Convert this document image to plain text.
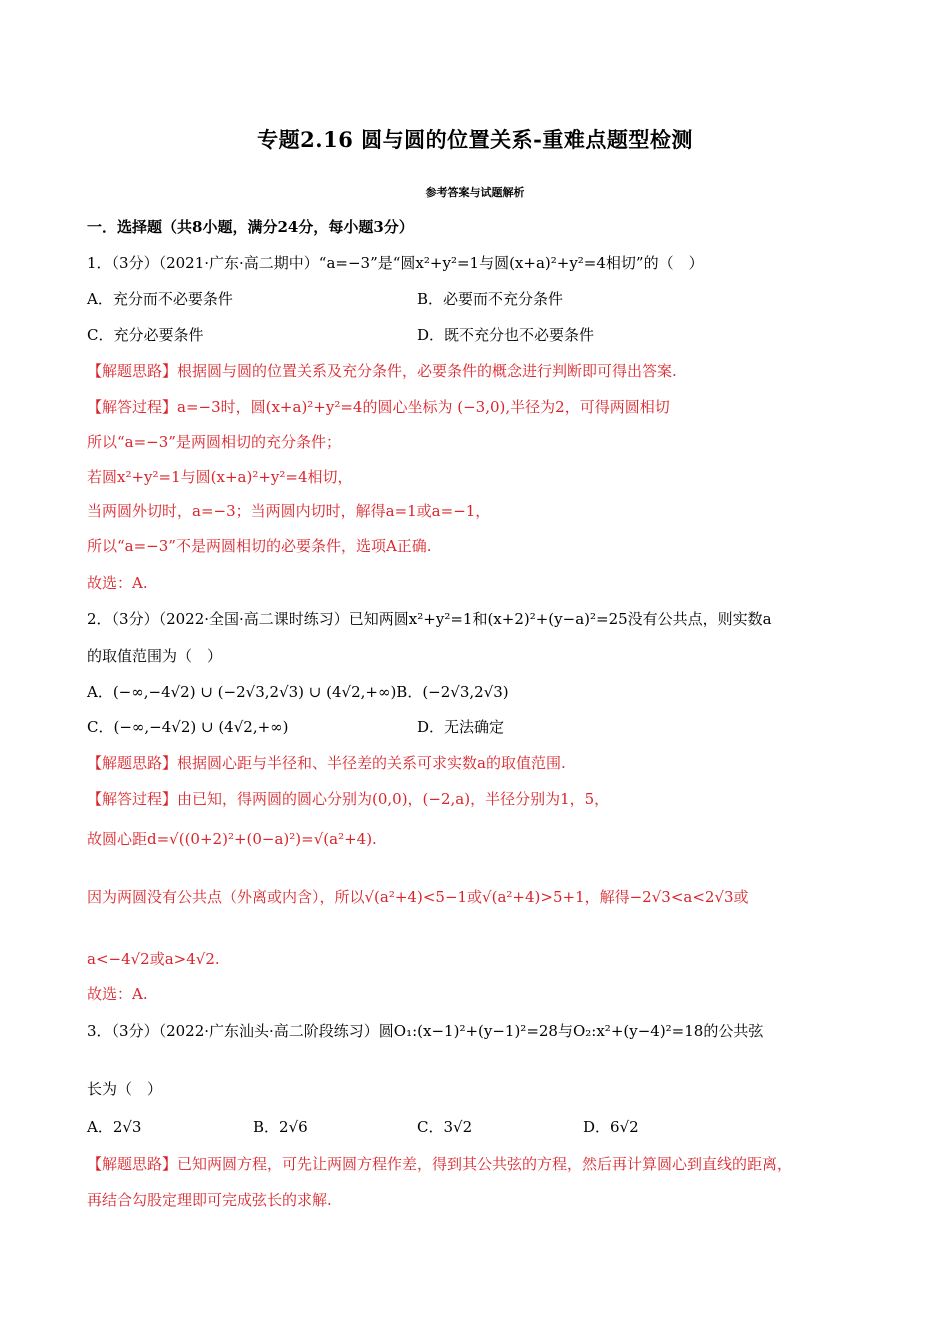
专题2.16 圆与圆的位置关系-重难点题型检测
参考答案与试题解析
一．选择题（共8小题，满分24分，每小题3分）
1．（3分）（2021·广东·高二期中）“a=−3”是“圆x²+y²=1与圆(x+a)²+y²=4相切”的（　）
A．充分而不必要条件	B．必要而不充分条件
C．充分必要条件	D．既不充分也不必要条件
【解题思路】根据圆与圆的位置关系及充分条件，必要条件的概念进行判断即可得出答案.
【解答过程】a=−3时，圆(x+a)²+y²=4的圆心坐标为 (−3,0),半径为2，可得两圆相切
所以“a=−3”是两圆相切的充分条件；
若圆x²+y²=1与圆(x+a)²+y²=4相切，
当两圆外切时，a=−3；当两圆内切时，解得a=1或a=−1，
所以“a=−3”不是两圆相切的必要条件，选项A正确.
故选：A.
2．（3分）（2022·全国·高二课时练习）已知两圆x²+y²=1和(x+2)²+(y−a)²=25没有公共点，则实数a
的取值范围为（　）
A．(−∞,−4√2) ∪ (−2√3,2√3) ∪ (4√2,+∞)B．(−2√3,2√3)
C．(−∞,−4√2) ∪ (4√2,+∞)	D．无法确定
【解题思路】根据圆心距与半径和、半径差的关系可求实数a的取值范围.
【解答过程】由已知，得两圆的圆心分别为(0,0)，(−2,a)，半径分别为1，5，
故圆心距d=√((0+2)²+(0−a)²)=√(a²+4).
因为两圆没有公共点（外离或内含），所以√(a²+4)<5−1或√(a²+4)>5+1，解得−2√3<a<2√3或
a<−4√2或a>4√2.
故选：A.
3．（3分）（2022·广东汕头·高二阶段练习）圆O₁:(x−1)²+(y−1)²=28与O₂:x²+(y−4)²=18的公共弦
长为（　）
A．2√3	B．2√6	C．3√2	D．6√2
【解题思路】已知两圆方程，可先让两圆方程作差，得到其公共弦的方程，然后再计算圆心到直线的距离，
再结合勾股定理即可完成弦长的求解.
